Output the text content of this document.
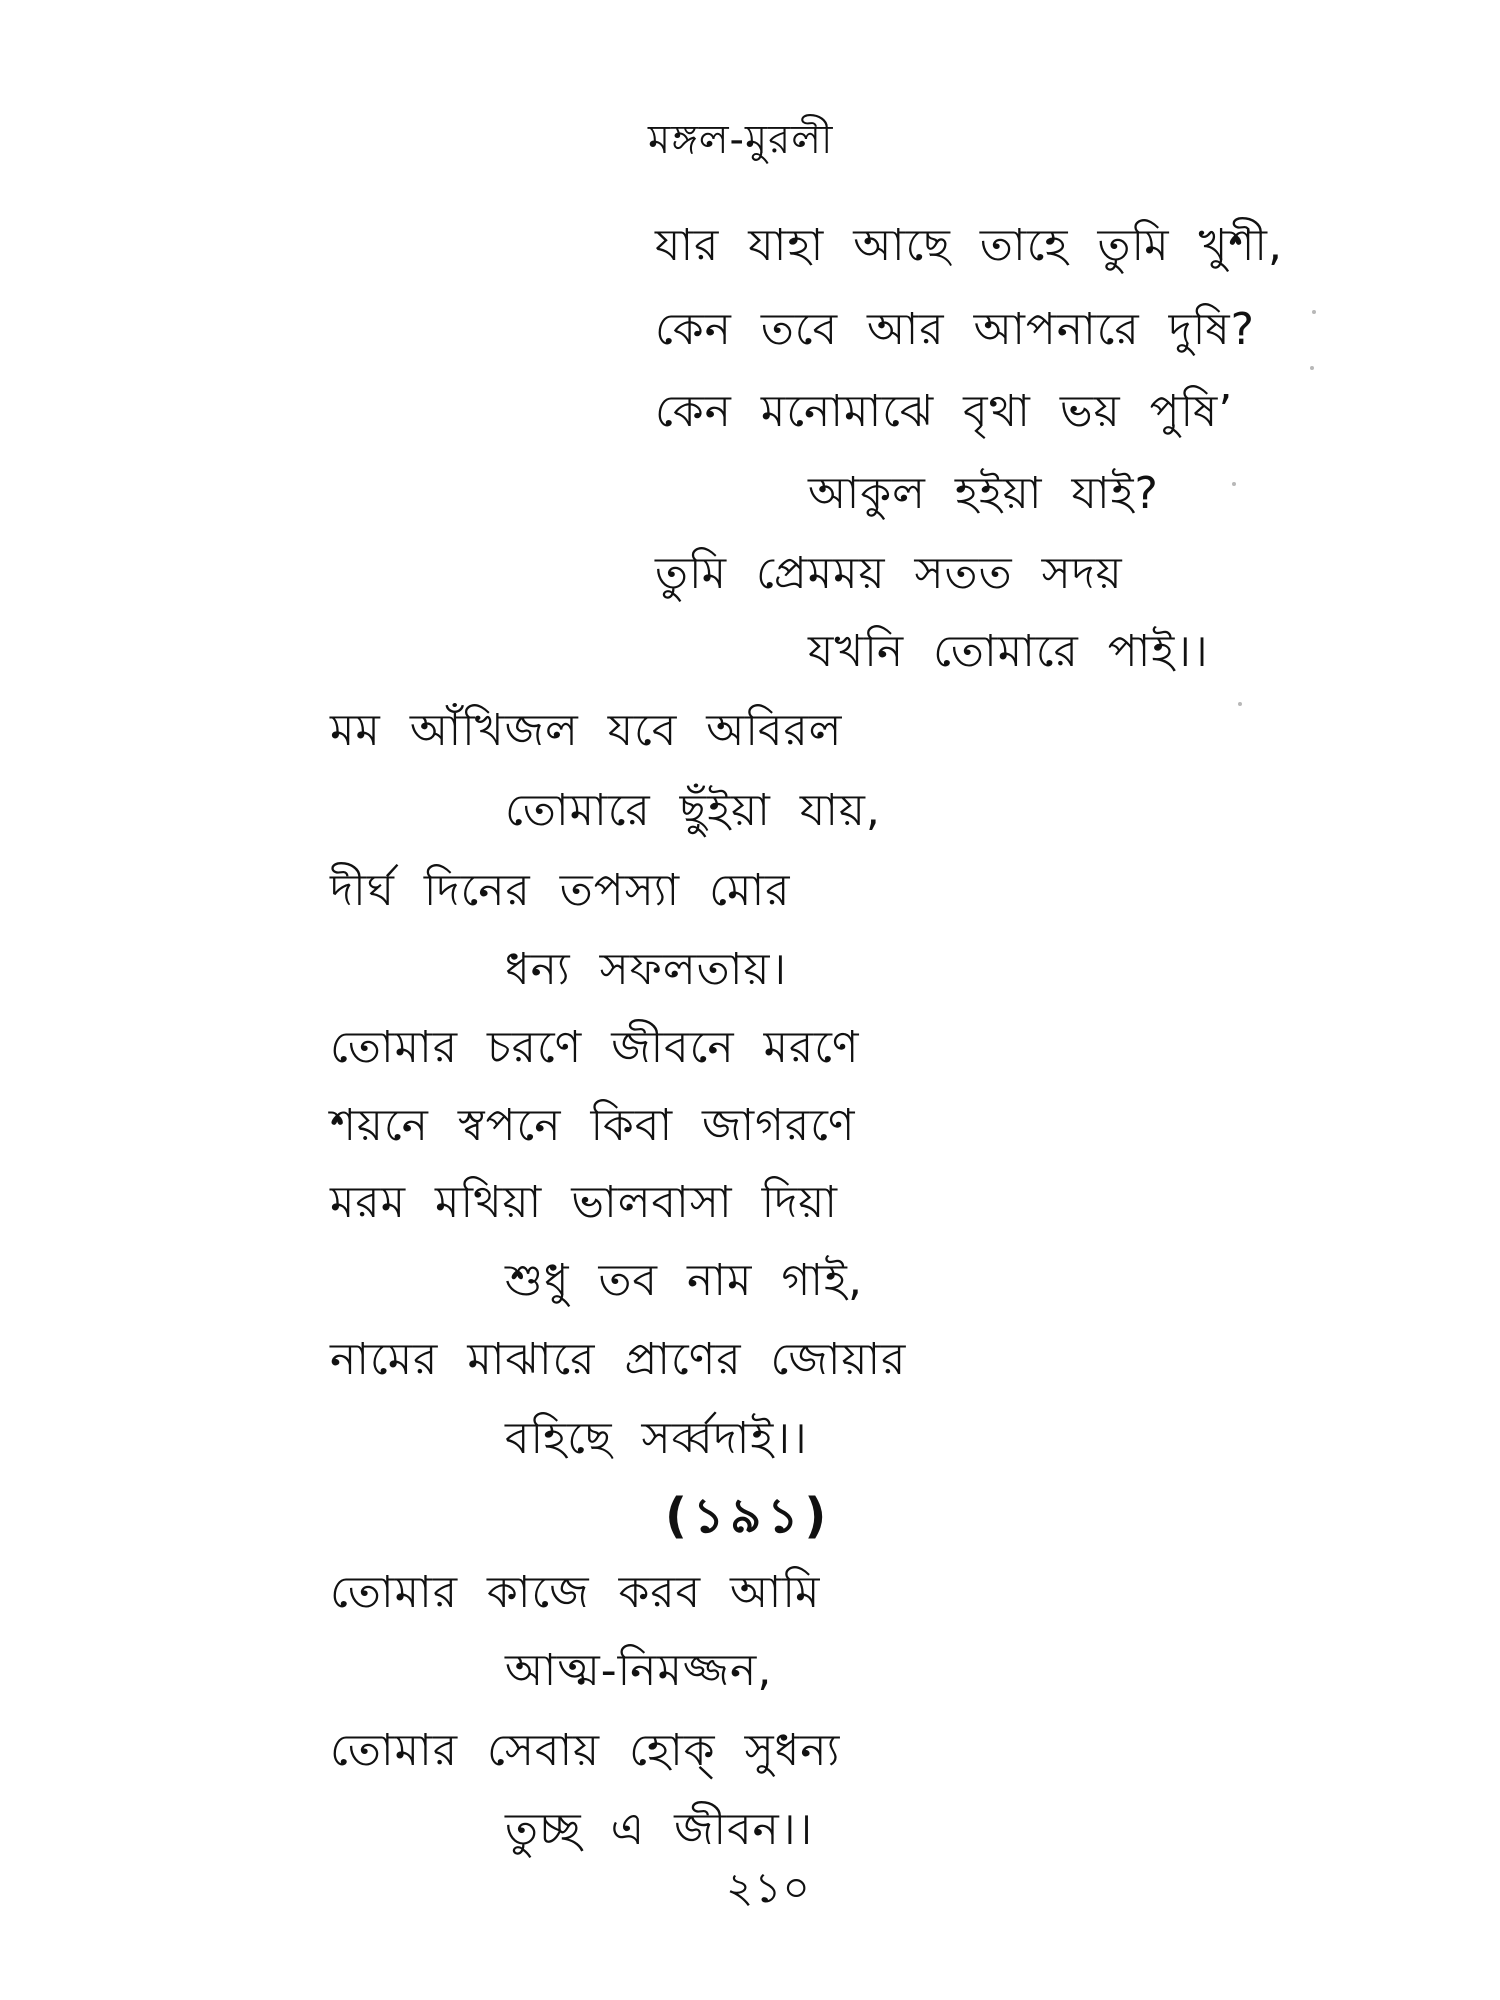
মঙ্গল-মুরলী
যার যাহা আছে তাহে তুমি খুশী,
কেন তবে আর আপনারে দুষি?
কেন মনোমাঝে বৃথা ভয় পুষি’
আকুল হইয়া যাই?
তুমি প্রেমময় সতত সদয়
যখনি তোমারে পাই।।
মম আঁখিজল যবে অবিরল
তোমারে ছুঁইয়া যায়,
দীর্ঘ দিনের তপস্যা মোর
ধন্য সফলতায়।
তোমার চরণে জীবনে মরণে
শয়নে স্বপনে কিবা জাগরণে
মরম মথিয়া ভালবাসা দিয়া
শুধু তব নাম গাই,
নামের মাঝারে প্রাণের জোয়ার
বহিছে সর্ব্বদাই।।
(১৯১)
তোমার কাজে করব আমি
আত্ম-নিমজ্জন,
তোমার সেবায় হোক্ সুধন্য
তুচ্ছ এ জীবন।।
২১০
